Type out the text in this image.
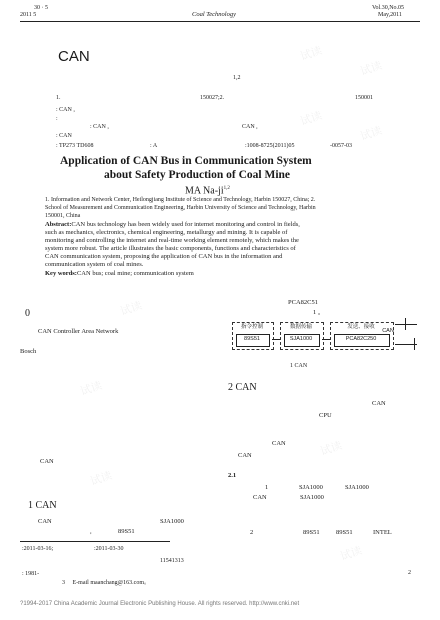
30 · 5
2011 5	Coal Technology
Vol.30,No.05
May,2011
CAN
1,2
1.	150027;2.	150001
: CAN ,
:
: CAN ,	CAN ,
: CAN
: TP273 TD608	: A	:1008-8725(2011)05	-0057-03
Application of CAN Bus in Communication System
about Safety Production of Coal Mine
MA Na-ji$^{1,2}$
1. Information and Network Center, Heilongjiang Institute of Science and Technology, Harbin 150027, China; 2.
School of Measurement and Communication Engineering, Harbin University of Science and Technology, Harbin
150001, China
Abstract:CAN bus technology has been widely used for internet monitoring and control in fields,
such as mechanics, electronics, chemical engineering, metallurgy and mining. It is capable of
monitoring and controlling the internet and real-time working element remotely, which makes the
system more robust. The article illustrates the basic components, functions and characteristics of
CAN communication system, proposing the application of CAN bus in the information and
communication system of coal mines.
Key words:CAN bus; coal mine; communication system
0
CAN Controller Area Network
Bosch
CAN
1 CAN
CAN	SJA1000
,	89S51
PCA82C51
1 。
CAN
指令控制
89S51
数据传输
SJA1000
发送、接收
PCA82C250
1 CAN
2 CAN
CAN
CPU
CAN
CAN
2.1
1	SJA1000	SJA1000
CAN	SJA1000
2	89S51	89S51	INTEL
:2011-03-16;	:2011-03-30
11541313
: 1981-
3 E-mail maanchang@163.com。
2
?1994-2017 China Academic Journal Electronic Publishing House. All rights reserved. http://www.cnki.net
试读
试读
试读
试读
试读
试读
试读
试读
试读
